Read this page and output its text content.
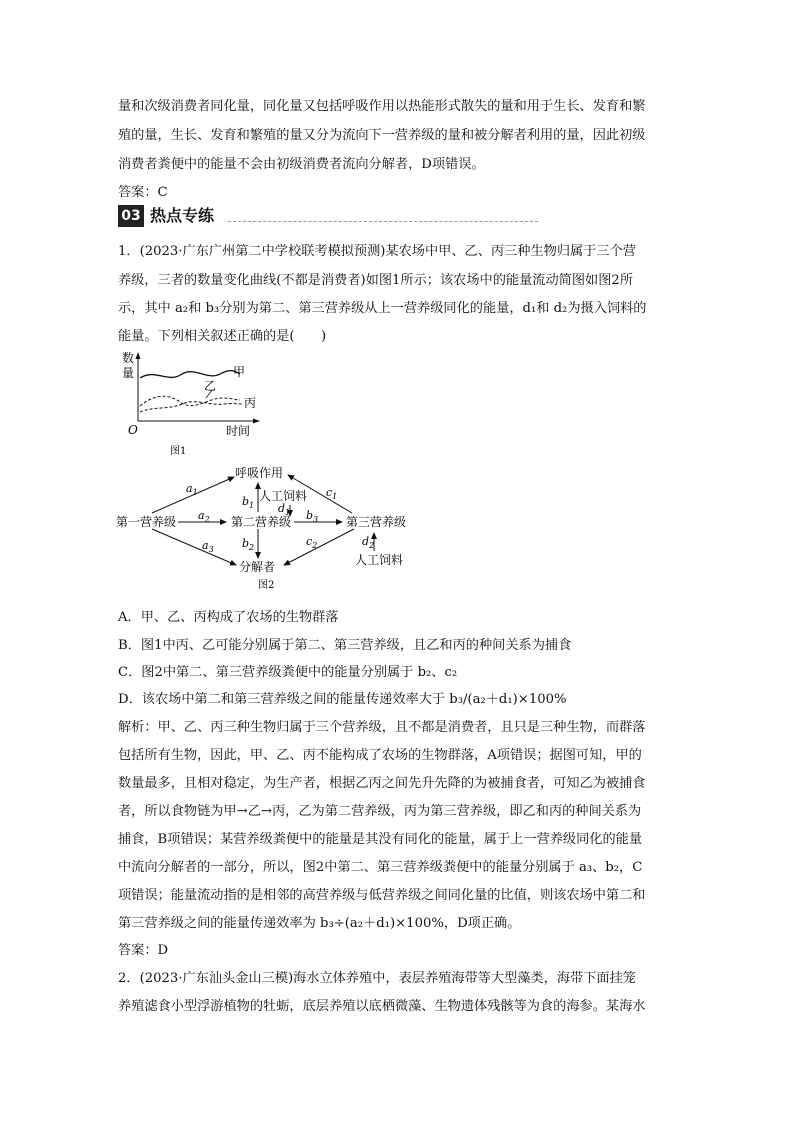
量和次级消费者同化量，同化量又包括呼吸作用以热能形式散失的量和用于生长、发育和繁
殖的量，生长、发育和繁殖的量又分为流向下一营养级的量和被分解者利用的量，因此初级
消费者粪便中的能量不会由初级消费者流向分解者，D项错误。
答案：C
03 热点专练
1．(2023·广东广州第二中学校联考模拟预测)某农场中甲、乙、丙三种生物归属于三个营
养级，三者的数量变化曲线(不都是消费者)如图1所示；该农场中的能量流动简图如图2所
示，其中 a₂和 b₃分别为第二、第三营养级从上一营养级同化的能量，d₁和 d₂为摄入饲料的
能量。下列相关叙述正确的是(　　)
数
量
O	时间
甲
乙
丙
图1
呼吸作用
人工饲料
第一营养级	第二营养级	第三营养级
分解者	人工饲料
图2
$a_1$
$a_2$
$a_3$
$b_1$
$b_2$
$b_3$
$d_1$
$c_1$
$c_2$	$d_2$
A．甲、乙、丙构成了农场的生物群落
B．图1中丙、乙可能分别属于第二、第三营养级，且乙和丙的种间关系为捕食
C．图2中第二、第三营养级粪便中的能量分别属于 b₂、c₂
D．该农场中第二和第三营养级之间的能量传递效率大于 b₃/(a₂＋d₁)×100%
解析：甲、乙、丙三种生物归属于三个营养级，且不都是消费者，且只是三种生物，而群落
包括所有生物，因此，甲、乙、丙不能构成了农场的生物群落，A项错误；据图可知，甲的
数量最多，且相对稳定，为生产者，根据乙丙之间先升先降的为被捕食者，可知乙为被捕食
者，所以食物链为甲→乙→丙，乙为第二营养级，丙为第三营养级，即乙和丙的种间关系为
捕食，B项错误；某营养级粪便中的能量是其没有同化的能量，属于上一营养级同化的能量
中流向分解者的一部分，所以，图2中第二、第三营养级粪便中的能量分别属于 a₃、b₂，C
项错误；能量流动指的是相邻的高营养级与低营养级之间同化量的比值，则该农场中第二和
第三营养级之间的能量传递效率为 b₃÷(a₂＋d₁)×100%，D项正确。
答案：D
2．(2023·广东汕头金山三模)海水立体养殖中，表层养殖海带等大型藻类，海带下面挂笼
养殖滤食小型浮游植物的牡蛎，底层养殖以底栖微藻、生物遗体残骸等为食的海参。某海水
